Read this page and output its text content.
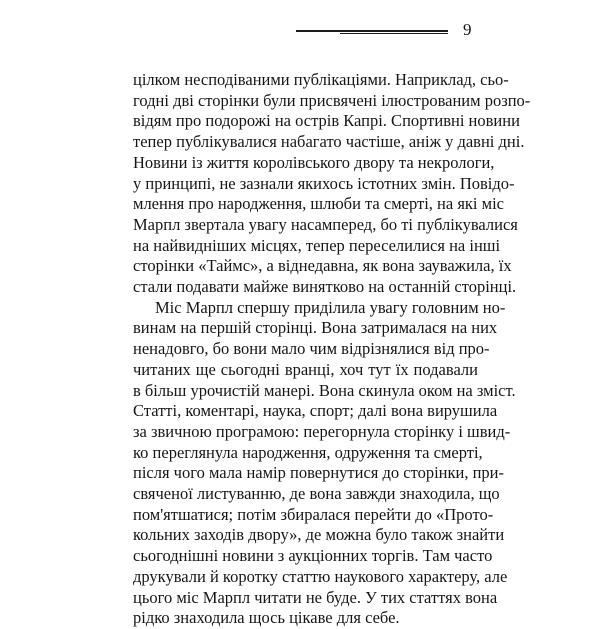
9
цілком несподіваними публікаціями. Наприклад, сьо-
годні дві сторінки були присвячені ілюстрованим розпо-
відям про подорожі на острів Капрі. Спортивні новини
тепер публікувалися набагато частіше, аніж у давні дні.
Новини із життя королівського двору та некрологи,
у принципі, не зазнали якихось істотних змін. Повідо-
млення про народження, шлюби та смерті, на які міс
Марпл звертала увагу насамперед, бо ті публікувалися
на найвидніших місцях, тепер переселилися на інші
сторінки «Таймс», а віднедавна, як вона зауважила, їх
стали подавати майже винятково на останній сторінці.
Міс Марпл спершу приділила увагу головним но-
винам на першій сторінці. Вона затрималася на них
ненадовго, бо вони мало чим відрізнялися від про-
читаних ще сьогодні вранці, хоч тут їх подавали
в більш урочистій манері. Вона скинула оком на зміст.
Статті, коментарі, наука, спорт; далі вона вирушила
за звичною програмою: перегорнула сторінку і швид-
ко переглянула народження, одруження та смерті,
після чого мала намір повернутися до сторінки, при-
свяченої листуванню, де вона завжди знаходила, що
пом'ятшатися; потім збиралася перейти до «Прото-
кольних заходів двору», де можна було також знайти
сьогоднішні новини з аукціонних торгів. Там часто
друкували й коротку статтю наукового характеру, але
цього міс Марпл читати не буде. У тих статтях вона
рідко знаходила щось цікаве для себе.
